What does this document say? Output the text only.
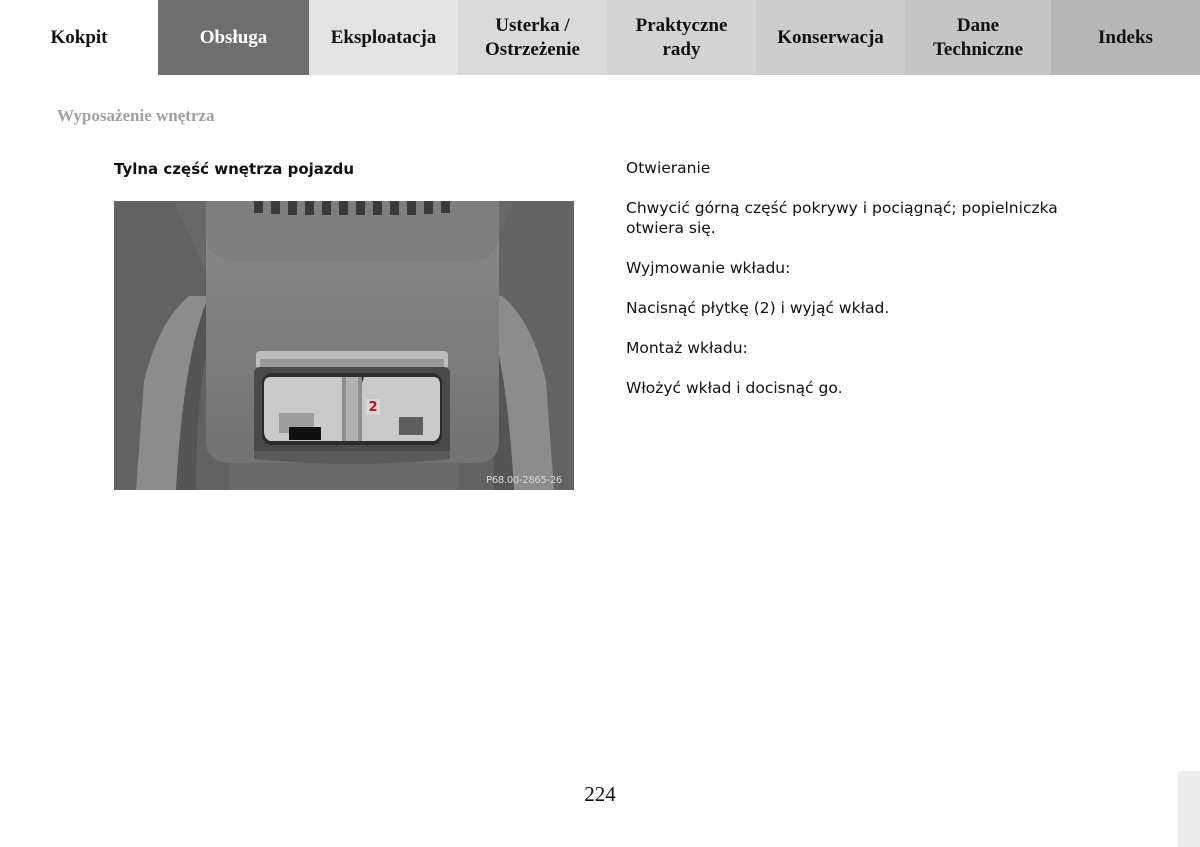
Kokpit	Obsługa	Eksploatacja
Usterka / Ostrzeżenie
Praktyczne rady
Konserwacja
Dane Techniczne
Indeks
Wyposażenie wnętrza
Tylna część wnętrza pojazdu
2
P68.00-2865-26

Otwieranie

Chwycić górną część pokrywy i pociągnąć; popielniczka otwiera się.

Wyjmowanie wkładu:

Nacisnąć płytkę (2) i wyjąć wkład.

Montaż wkładu:

Włożyć wkład i docisnąć go.

224
